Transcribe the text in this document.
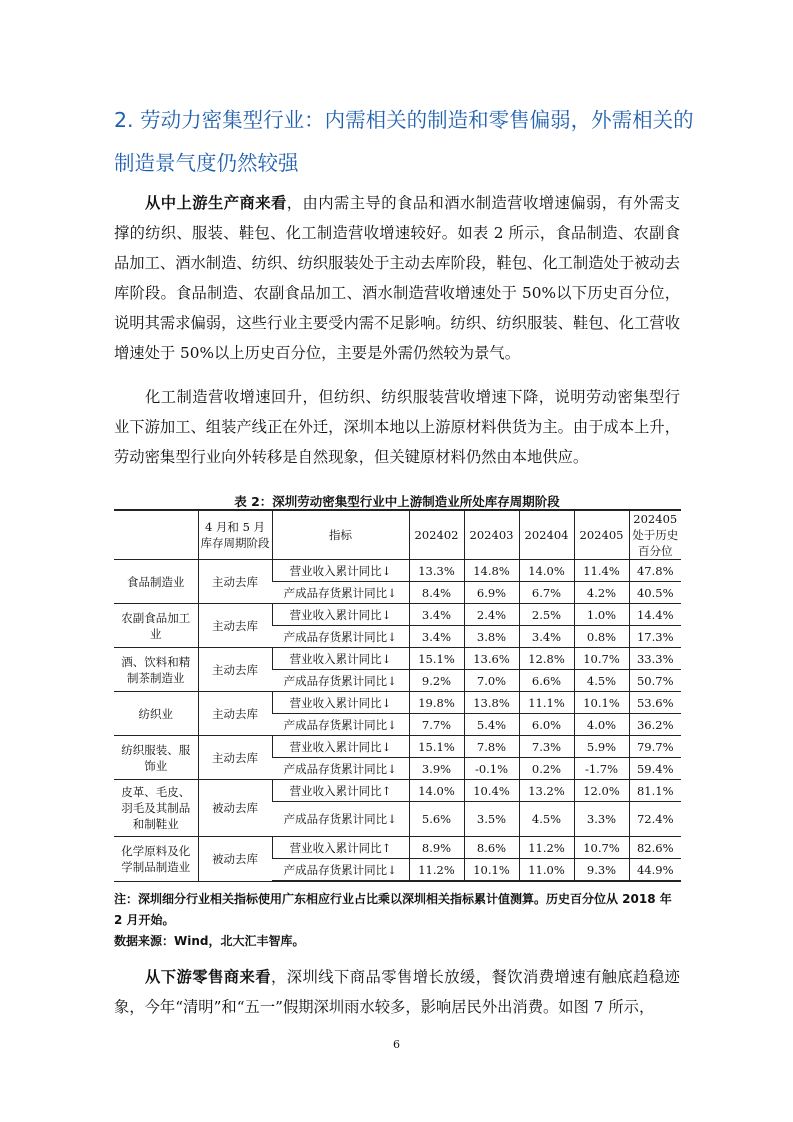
2. 劳动力密集型行业：内需相关的制造和零售偏弱，外需相关的
制造景气度仍然较强

从中上游生产商来看，由内需主导的食品和酒水制造营收增速偏弱，有外需支撑的纺织、服装、鞋包、化工制造营收增速较好。如表 2 所示，食品制造、农副食品加工、酒水制造、纺织、纺织服装处于主动去库阶段，鞋包、化工制造处于被动去库阶段。食品制造、农副食品加工、酒水制造营收增速处于 50%以下历史百分位，说明其需求偏弱，这些行业主要受内需不足影响。纺织、纺织服装、鞋包、化工营收增速处于 50%以上历史百分位，主要是外需仍然较为景气。

化工制造营收增速回升，但纺织、纺织服装营收增速下降，说明劳动密集型行业下游加工、组装产线正在外迁，深圳本地以上游原材料供货为主。由于成本上升，劳动密集型行业向外转移是自然现象，但关键原材料仍然由本地供应。

表 2：深圳劳动密集型行业中上游制造业所处库存周期阶段

	4 月和 5 月库存周期阶段	指标	202402	202403	202404	202405	202405 处于历史百分位
食品制造业	主动去库	营业收入累计同比↓	13.3%	14.8%	14.0%	11.4%	47.8%
		产成品存货累计同比↓	8.4%	6.9%	6.7%	4.2%	40.5%
农副食品加工业	主动去库	营业收入累计同比↓	3.4%	2.4%	2.5%	1.0%	14.4%
		产成品存货累计同比↓	3.4%	3.8%	3.4%	0.8%	17.3%
酒、饮料和精制茶制造业	主动去库	营业收入累计同比↓	15.1%	13.6%	12.8%	10.7%	33.3%
		产成品存货累计同比↓	9.2%	7.0%	6.6%	4.5%	50.7%
纺织业	主动去库	营业收入累计同比↓	19.8%	13.8%	11.1%	10.1%	53.6%
		产成品存货累计同比↓	7.7%	5.4%	6.0%	4.0%	36.2%
纺织服装、服饰业	主动去库	营业收入累计同比↓	15.1%	7.8%	7.3%	5.9%	79.7%
		产成品存货累计同比↓	3.9%	-0.1%	0.2%	-1.7%	59.4%
皮革、毛皮、羽毛及其制品和制鞋业	被动去库	营业收入累计同比↑	14.0%	10.4%	13.2%	12.0%	81.1%
		产成品存货累计同比↓	5.6%	3.5%	4.5%	3.3%	72.4%
化学原料及化学制品制造业	被动去库	营业收入累计同比↑	8.9%	8.6%	11.2%	10.7%	82.6%
		产成品存货累计同比↓	11.2%	10.1%	11.0%	9.3%	44.9%
注：深圳细分行业相关指标使用广东相应行业占比乘以深圳相关指标累计值测算。历史百分位从 2018 年 2 月开始。
数据来源：Wind，北大汇丰智库。

从下游零售商来看，深圳线下商品零售增长放缓，餐饮消费增速有触底趋稳迹象，今年“清明”和“五一”假期深圳雨水较多，影响居民外出消费。如图 7 所示，

6
